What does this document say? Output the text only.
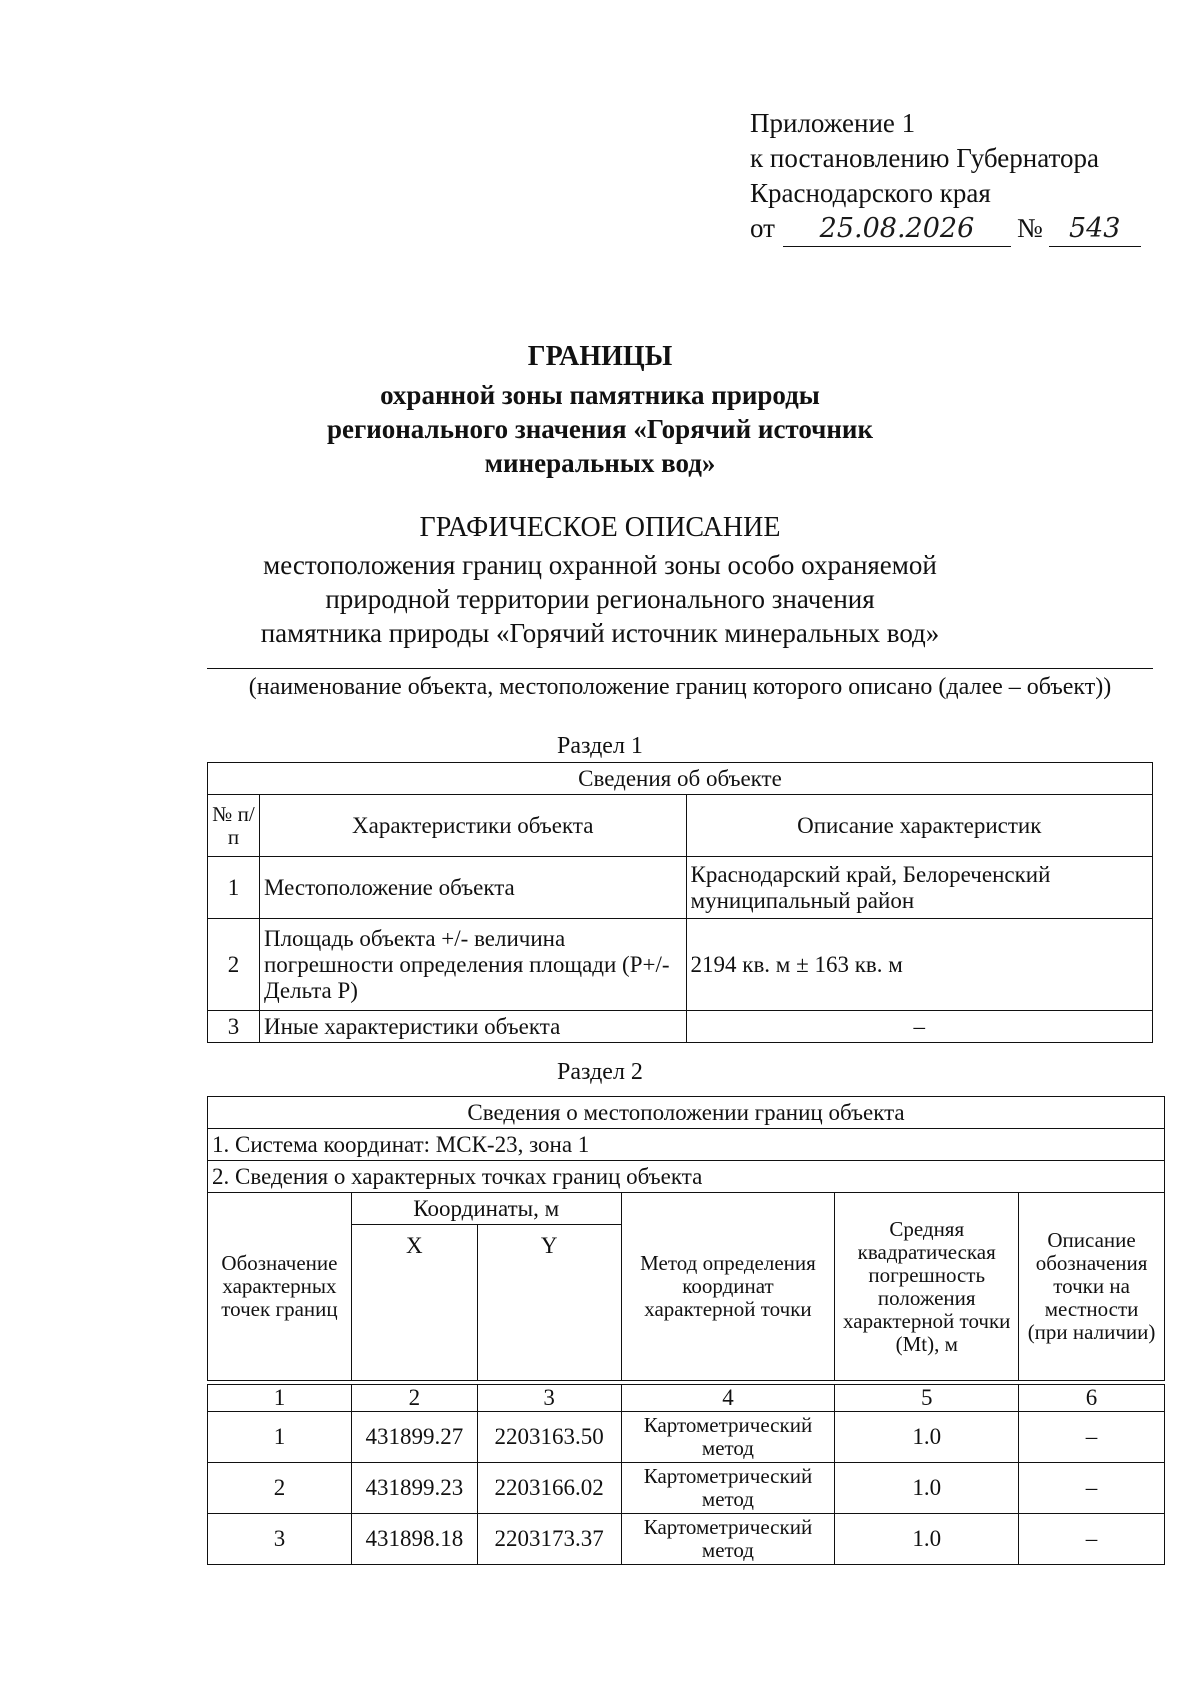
Приложение 1
к постановлению Губернатора
Краснодарского края
от 25.08.2026 № 543
ГРАНИЦЫ
охранной зоны памятника природы
регионального значения «Горячий источник
минеральных вод»
ГРАФИЧЕСКОЕ ОПИСАНИЕ
местоположения границ охранной зоны особо охраняемой
природной территории регионального значения
памятника природы «Горячий источник минеральных вод»
(наименование объекта, местоположение границ которого описано (далее – объект))
Раздел 1
Сведения об объекте		
№ п/п	Характеристики объекта	Описание характеристик
1	Местоположение объекта	Краснодарский край, Белореченский муниципальный район
2	Площадь объекта +/- величина погрешности определения площади (P+/- Дельта P)	2194 кв. м ± 163 кв. м
3	Иные характеристики объекта	–
Раздел 2
Сведения о местоположении границ объекта					
1. Система координат: МСК-23, зона 1					
2. Сведения о характерных точках границ объекта					
Обозначение характерных точек границ	Координаты, м		Метод определения координат характерной точки	Средняя квадратическая погрешность положения характерной точки (Mt), м	Описание обозначения точки на местности (при наличии)
	X	Y			

1	2	3	4	5	6
1	431899.27	2203163.50	Картометрический метод	1.0	–
2	431899.23	2203166.02	Картометрический метод	1.0	–
3	431898.18	2203173.37	Картометрический метод	1.0	–
